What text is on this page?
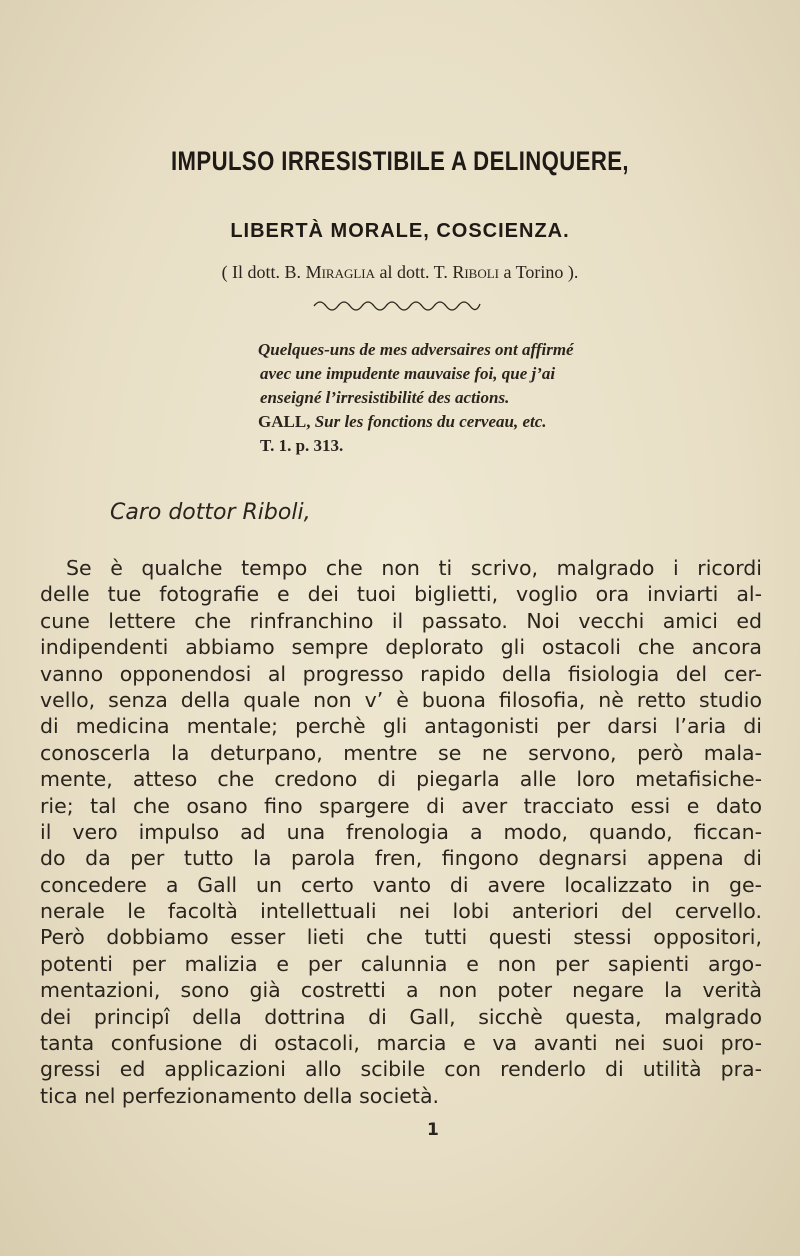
IMPULSO IRRESISTIBILE A DELINQUERE,
LIBERTÀ MORALE, COSCIENZA.
( Il dott. B. Miraglia al dott. T. Riboli a Torino ).
Quelques-uns de mes adversaires ont affirmé
avec une impudente mauvaise foi, que j’ai
enseigné l’irresistibilité des actions.
GALL, Sur les fonctions du cerveau, etc.
T. 1. p. 313.
Caro dottor Riboli,
Se è qualche tempo che non ti scrivo, malgrado i ricordi
delle tue fotografie e dei tuoi biglietti, voglio ora inviarti al-
cune lettere che rinfranchino il passato. Noi vecchi amici ed
indipendenti abbiamo sempre deplorato gli ostacoli che ancora
vanno opponendosi al progresso rapido della fisiologia del cer-
vello, senza della quale non v’ è buona filosofia, nè retto studio
di medicina mentale; perchè gli antagonisti per darsi l’aria di
conoscerla la deturpano, mentre se ne servono, però mala-
mente, atteso che credono di piegarla alle loro metafisiche-
rie; tal che osano fino spargere di aver tracciato essi e dato
il vero impulso ad una frenologia a modo, quando, ficcan-
do da per tutto la parola fren, fingono degnarsi appena di
concedere a Gall un certo vanto di avere localizzato in ge-
nerale le facoltà intellettuali nei lobi anteriori del cervello.
Però dobbiamo esser lieti che tutti questi stessi oppositori,
potenti per malizia e per calunnia e non per sapienti argo-
mentazioni, sono già costretti a non poter negare la verità
dei principî della dottrina di Gall, sicchè questa, malgrado
tanta confusione di ostacoli, marcia e va avanti nei suoi pro-
gressi ed applicazioni allo scibile con renderlo di utilità pra-
tica nel perfezionamento della società.
1
